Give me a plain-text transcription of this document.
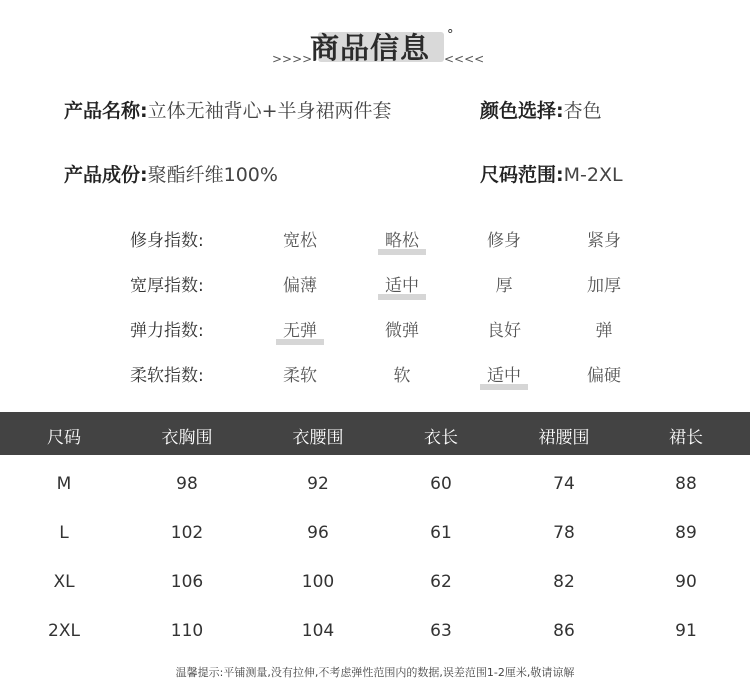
>>>>
商品信息 °
<<<<
产品名称:立体无袖背心+半身裙两件套	颜色选择:杏色
产品成份:聚酯纤维100%	尺码范围:M-2XL
修身指数:	宽松	略松	修身	紧身
宽厚指数:	偏薄	适中	厚	加厚
弹力指数:	无弹	微弹	良好	弹
柔软指数:	柔软	软	适中	偏硬
尺码	衣胸围	衣腰围	衣长	裙腰围	裙长
M	98	92	60	74	88
L	102	96	61	78	89
XL	106	100	62	82	90
2XL	110	104	63	86	91
温馨提示:平铺测量,没有拉伸,不考虑弹性范围内的数据,误差范围1-2厘米,敬请谅解
